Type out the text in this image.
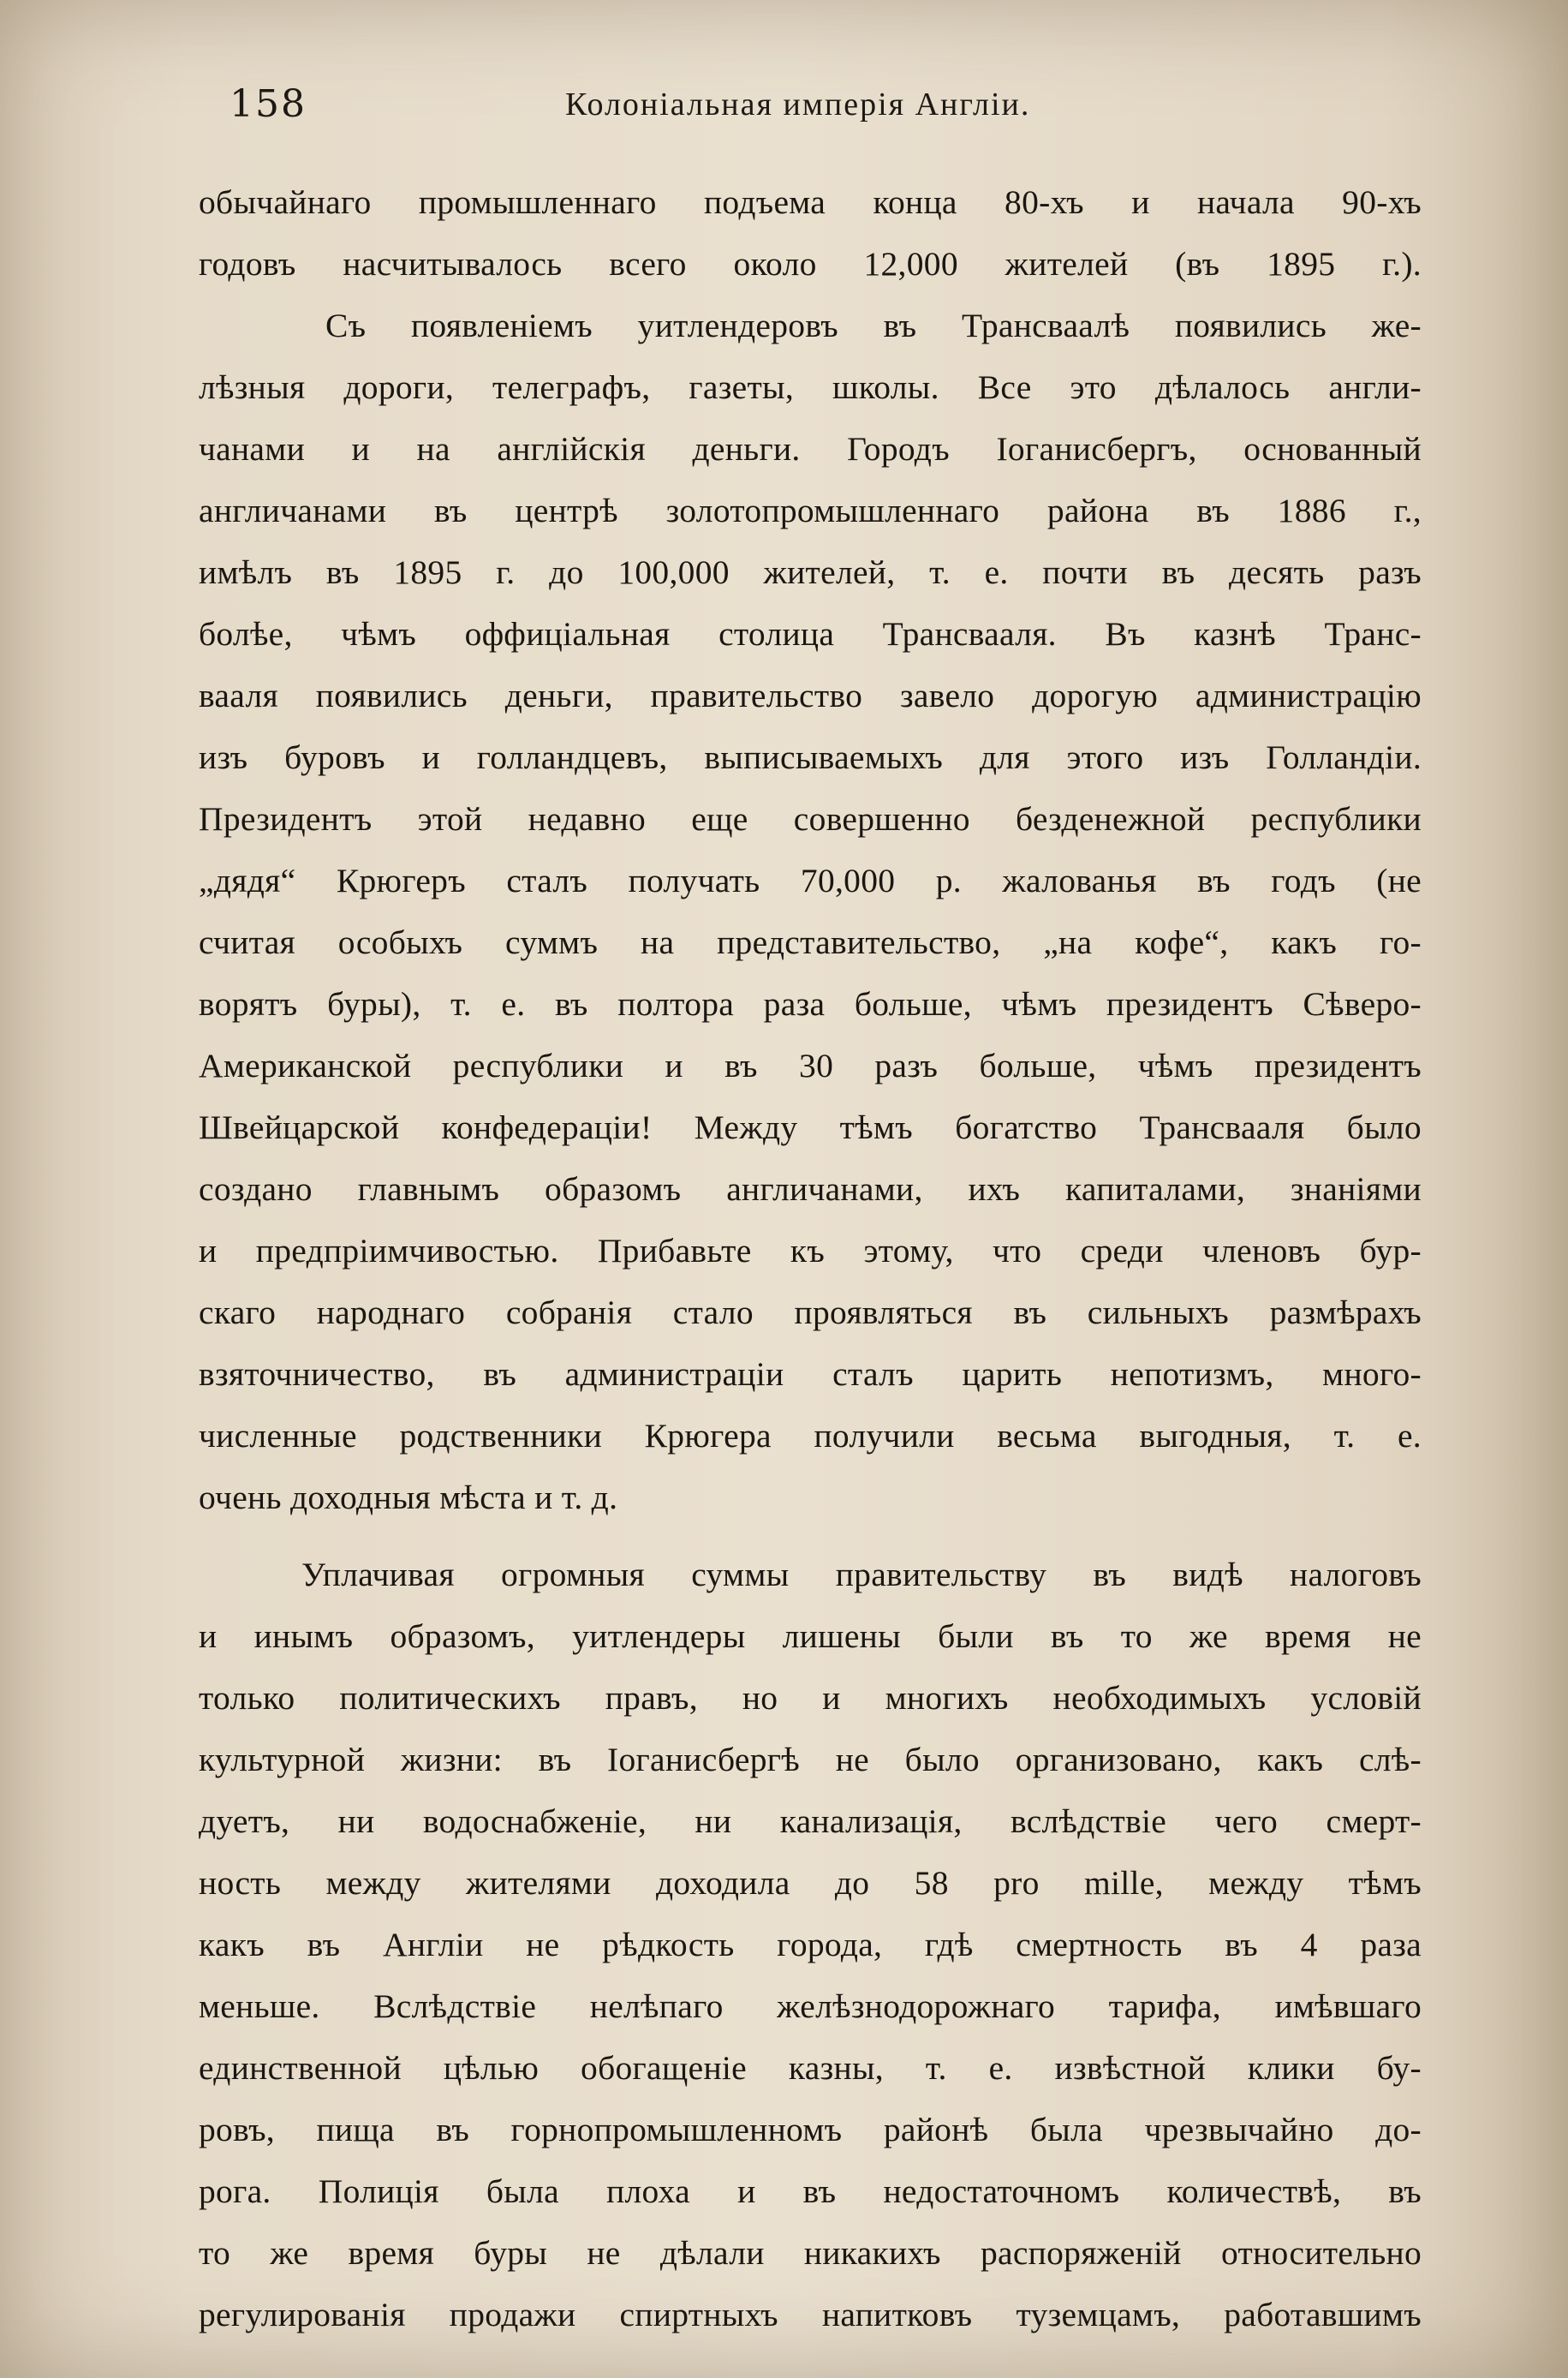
158	Колоніальная имперія Англіи.
обычайнаго промышленнаго подъема конца 80-хъ и начала 90-хъ
годовъ насчитывалось всего около 12,000 жителей (въ 1895 г.).
Съ появленіемъ уитлендеровъ въ Трансваалѣ появились же-
лѣзныя дороги, телеграфъ, газеты, школы. Все это дѣлалось англи-
чанами и на англійскія деньги. Городъ Іоганисбергъ, основанный
англичанами въ центрѣ золотопромышленнаго района въ 1886 г.,
имѣлъ въ 1895 г. до 100,000 жителей, т. е. почти въ десять разъ
болѣе, чѣмъ оффиціальная столица Трансвааля. Въ казнѣ Транс-
вааля появились деньги, правительство завело дорогую администрацію
изъ буровъ и голландцевъ, выписываемыхъ для этого изъ Голландіи.
Президентъ этой недавно еще совершенно безденежной республики
„дядя“ Крюгеръ сталъ получать 70,000 р. жалованья въ годъ (не
считая особыхъ суммъ на представительство, „на кофе“, какъ го-
ворятъ буры), т. е. въ полтора раза больше, чѣмъ президентъ Сѣверо-
Американской республики и въ 30 разъ больше, чѣмъ президентъ
Швейцарской конфедераціи! Между тѣмъ богатство Трансвааля было
создано главнымъ образомъ англичанами, ихъ капиталами, знаніями
и предпріимчивостью. Прибавьте къ этому, что среди членовъ бур-
скаго народнаго собранія стало проявляться въ сильныхъ размѣрахъ
взяточничество, въ администраціи сталъ царить непотизмъ, много-
численные родственники Крюгера получили весьма выгодныя, т. е.
очень доходныя мѣста и т. д.
Уплачивая огромныя суммы правительству въ видѣ налоговъ
и инымъ образомъ, уитлендеры лишены были въ то же время не
только политическихъ правъ, но и многихъ необходимыхъ условій
культурной жизни: въ Іоганисбергѣ не было организовано, какъ слѣ-
дуетъ, ни водоснабженіе, ни канализація, вслѣдствіе чего смерт-
ность между жителями доходила до 58 pro mille, между тѣмъ
какъ въ Англіи не рѣдкость города, гдѣ смертность въ 4 раза
меньше. Вслѣдствіе нелѣпаго желѣзнодорожнаго тарифа, имѣвшаго
единственной цѣлью обогащеніе казны, т. е. извѣстной клики бу-
ровъ, пища въ горнопромышленномъ районѣ была чрезвычайно до-
рога. Полиція была плоха и въ недостаточномъ количествѣ, въ
то же время буры не дѣлали никакихъ распоряженій относительно
регулированія продажи спиртныхъ напитковъ туземцамъ, работавшимъ
